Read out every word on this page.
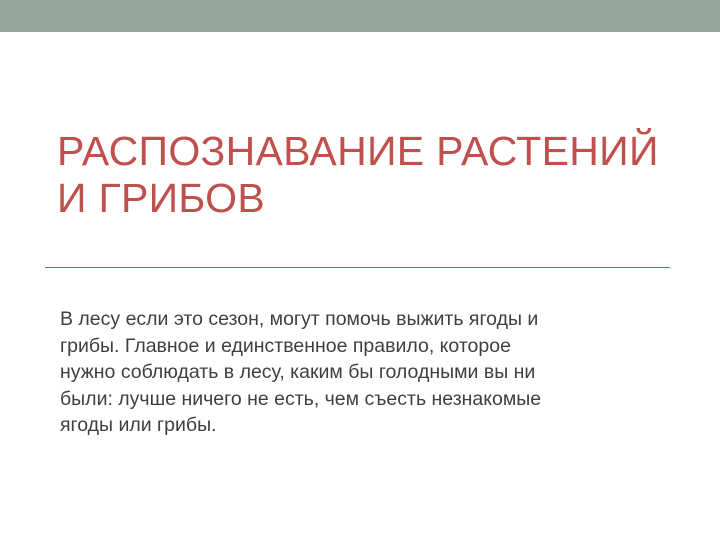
РАСПОЗНАВАНИЕ РАСТЕНИЙ И ГРИБОВ

В лесу если это сезон, могут помочь выжить ягоды и грибы. Главное и единственное правило, которое нужно соблюдать в лесу, каким бы голодными вы ни были: лучше ничего не есть, чем съесть незнакомые ягоды или грибы.
